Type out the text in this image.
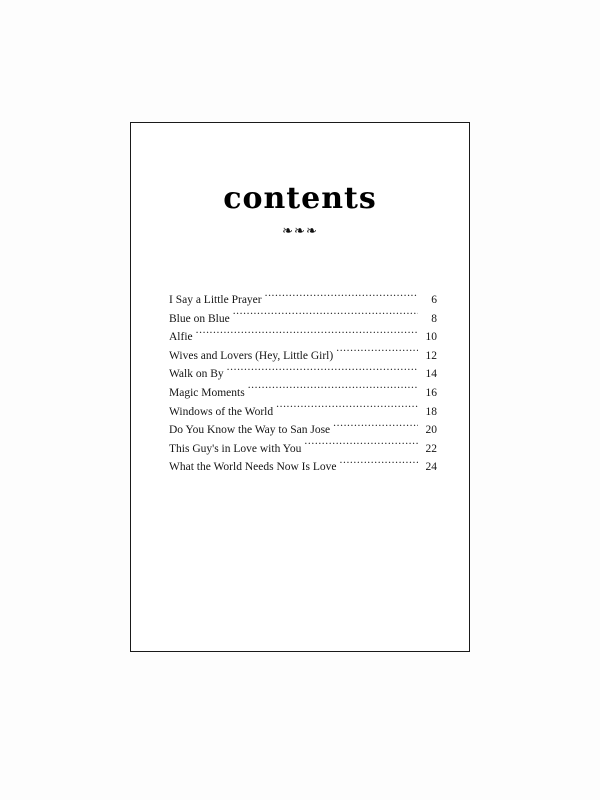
contents
❧❧❧
I Say a Little Prayer .....	6
Blue on Blue .....	8
Alfie .....	10
Wives and Lovers (Hey, Little Girl) .....	12
Walk on By .....	14
Magic Moments .....	16
Windows of the World .....	18
Do You Know the Way to San Jose .....	20
This Guy's in Love with You .....	22
What the World Needs Now Is Love .....	24
